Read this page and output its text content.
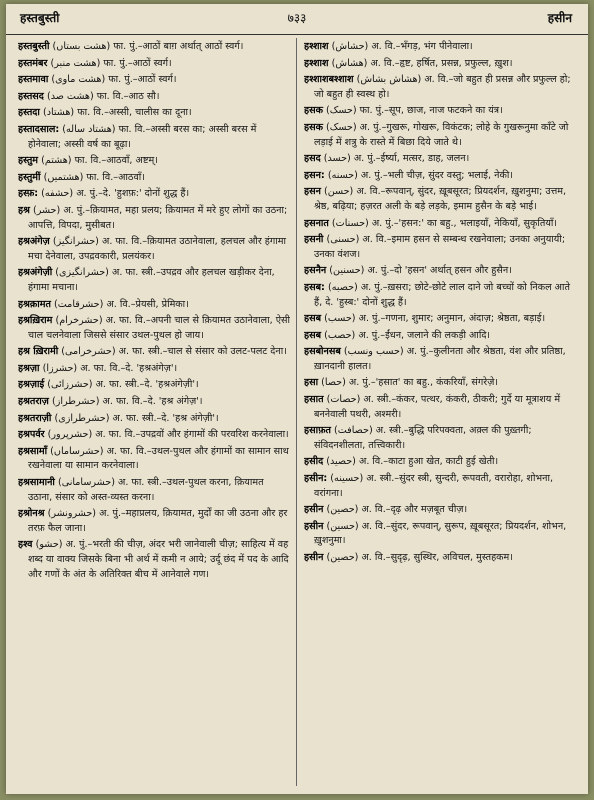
हस्तबुस्ती	७३३	हसीन
हस्तबुस्ती (هشت بستاں) फा. पुं.–आठों बाग़ अर्थात् आठों स्वर्ग।
हस्तमंबर (هشت منبر) फा. पुं.–आठों स्वर्ग।
हस्तमावा (هشت ماوی) फा. पुं.–आठों स्वर्ग।
हस्तसद (هشت صد) फा. वि.–आठ सौ।
हस्तदा (هشتاد) फा. वि.–अस्सी, चालीस का दूना।
हस्तादसाल: (هشتاد ساله) फा. वि.–अस्सी बरस का; अस्सी बरस में होनेवाला; अस्सी वर्ष का बूढ़ा।
हस्तुम (هشتم) फा. वि.–आठवाँ, अष्टम्।
हस्तुमीं (هشتمیں) फा. वि.–आठवाँ।
हस्फ़: (حشفه) अ. पुं.–दे. 'हुशफ़:' दोनों शुद्ध हैं।
हश्र (حشر) अ. पुं.–क़ियामत, महा प्रलय; क़ियामत में मरे हुए लोगों का उठना; आपत्ति, विपदा, मुसीबत।
हश्रअंगेज़ (حشرانگیز) अ. फा. वि.–क़ियामत उठानेवाला, हलचल और हंगामा मचा देनेवाला, उपद्रवकारी, प्रलयंकर।
हश्रअंगेज़ी (حشرانگیزی) अ. फा. स्त्री.–उपद्रव और हलचल खड़ीकर देना, हंगामा मचाना।
हश्रक़ामत (حشرقامت) अ. वि.–प्रेयसी, प्रेमिका।
हश्रख़िराम (حشرخرام) अ. फा. वि.–अपनी चाल से क़ियामत उठानेवाला, ऐसी चाल चलनेवाला जिससे संसार उथल-पुथल हो जाय।
हश्र ख़िरामी (حشرخرامی) अ. फा. स्त्री.–चाल से संसार को उलट-पलट देना।
हश्रज़ा (حشرزا) अ. फा. वि.–दे. 'हश्रअंगेज़'।
हश्रज़ाई (حشرزائی) अ. फा. स्त्री.–दे. 'हश्रअंगेज़ी'।
हश्रतराज़ (حشرطراز) अ. फा. वि.–दे. 'हश्र अंगेज़'।
हश्रतराज़ी (حشرطرازی) अ. फा. स्त्री.–दे. 'हश्र अंगेज़ी'।
हश्रपर्वर (حشرپرور) अ. फा. वि.–उपद्रवों और हंगामों की परवरिश करनेवाला।
हश्रसामाँ (حشرساماں) अ. फा. वि.–उथल-पुथल और हंगामों का सामान साथ रखनेवाला या सामान करनेवाला।
हश्रसामानी (حشرسامانی) अ. फा. स्त्री.–उथल-पुथल करना, क़ियामत उठाना, संसार को अस्त-व्यस्त करना।
हश्रोनश्र (حشرونشر) अ. पुं.–महाप्रलय, क़ियामत, मुर्दों का जी उठना और हर तरफ़ फैल जाना।
हश्व (حشو) अ. पुं.–भरती की चीज़, अंदर भरी जानेवाली चीज़; साहित्य में वह शब्द या वाक्य जिसके बिना भी अर्थ में कमी न आये; उर्दू छंद में पद के आदि और गणों के अंत के अतिरिक्त बीच में आनेवाले गण।
हश्शाश (حشاش) अ. वि.–भँगड़, भंग पीनेवाला।
हश्शाश (هشاش) अ. वि.–हृष्ट, हर्षित, प्रसन्न, प्रफुल्ल, ख़ुश।
हश्शाशबश्शाश (هشاش بشاش) अ. वि.–जो बहुत ही प्रसन्न और प्रफुल्ल हो; जो बहुत ही स्वस्थ हो।
हसक (حسک) फा. पुं.–सूप, छाज, नाज फटकने का यंत्र।
हसक (حسک) अ. पुं.–गुखरू, गोखरू, विकंटक; लोहे के गुखरूनुमा काँटे जो लड़ाई में शत्रु के रास्ते में बिछा दिये जाते थे।
हसद (حسد) अ. पुं.–ईर्ष्या, मत्सर, डाह, जलन।
हसन: (حسنه) अ. पुं.–भली चीज़, सुंदर वस्तु; भलाई, नेकी।
हसन (حسن) अ. वि.–रूपवान्, सुंदर, ख़ूबसूरत; प्रियदर्शन, ख़ुशनुमा; उत्तम, श्रेष्ठ, बढ़िया; हज़रत अली के बड़े लड़के, इमाम हुसैन के बड़े भाई।
हसनात (حسنات) अ. पुं.–'हसन:' का बहु., भलाइयाँ, नेकियाँ, सुकृतियाँ।
हसनी (حسنی) अ. वि.–इमाम हसन से सम्बन्ध रखनेवाला; उनका अनुयायी; उनका वंशज।
हसनैन (حسنین) अ. पुं.–दो 'हसन' अर्थात् हसन और हुसैन।
हसब: (حصبه) अ. पुं.–ख़सरा; छोटे-छोटे लाल दाने जो बच्चों को निकल आते हैं, दे. 'हुस्ब:' दोनों शुद्ध हैं।
हसब (حسب) अ. पुं.–गणना, शुमार; अनुमान, अंदाज़; श्रेष्ठता, बड़ाई।
हसब (حصب) अ. पुं.–ईंधन, जलाने की लकड़ी आदि।
हसबोनसब (حسب ونسب) अ. पुं.–कुलीनता और श्रेष्ठता, वंश और प्रतिष्ठा, ख़ानदानी हालत।
हसा (حصا) अ. पुं.–'हसात' का बहु., कंकरियाँ, संगरेज़े।
हसात (حصات) अ. स्त्री.–कंकर, पत्थर, कंकरी, ठीकरी; गुर्दे या मूत्राशय में बननेवाली पथरी, अश्मरी।
हसाफ़त (حصافت) अ. स्त्री.–बुद्धि परिपक्वता, अक़्ल की पुख़्तगी; संविदनशीलता, तत्त्विकारी।
हसीद (حصید) अ. वि.–काटा हुआ खेत, काटी हुई खेती।
हसीन: (حسینه) अ. स्त्री.–सुंदर स्त्री, सुन्दरी, रूपवती, वरारोहा, शोभना, वरांगना।
हसीन (حصین) अ. वि.–दृढ़ और मज़बूत चीज़।
हसीन (حسین) अ. वि.–सुंदर, रूपवान्, सुरूप, ख़ूबसूरत; प्रियदर्शन, शोभन, ख़ुशनुमा।
हसीन (حصین) अ. वि.–सुदृढ़, सुस्थिर, अविचल, मुस्तहकम।
